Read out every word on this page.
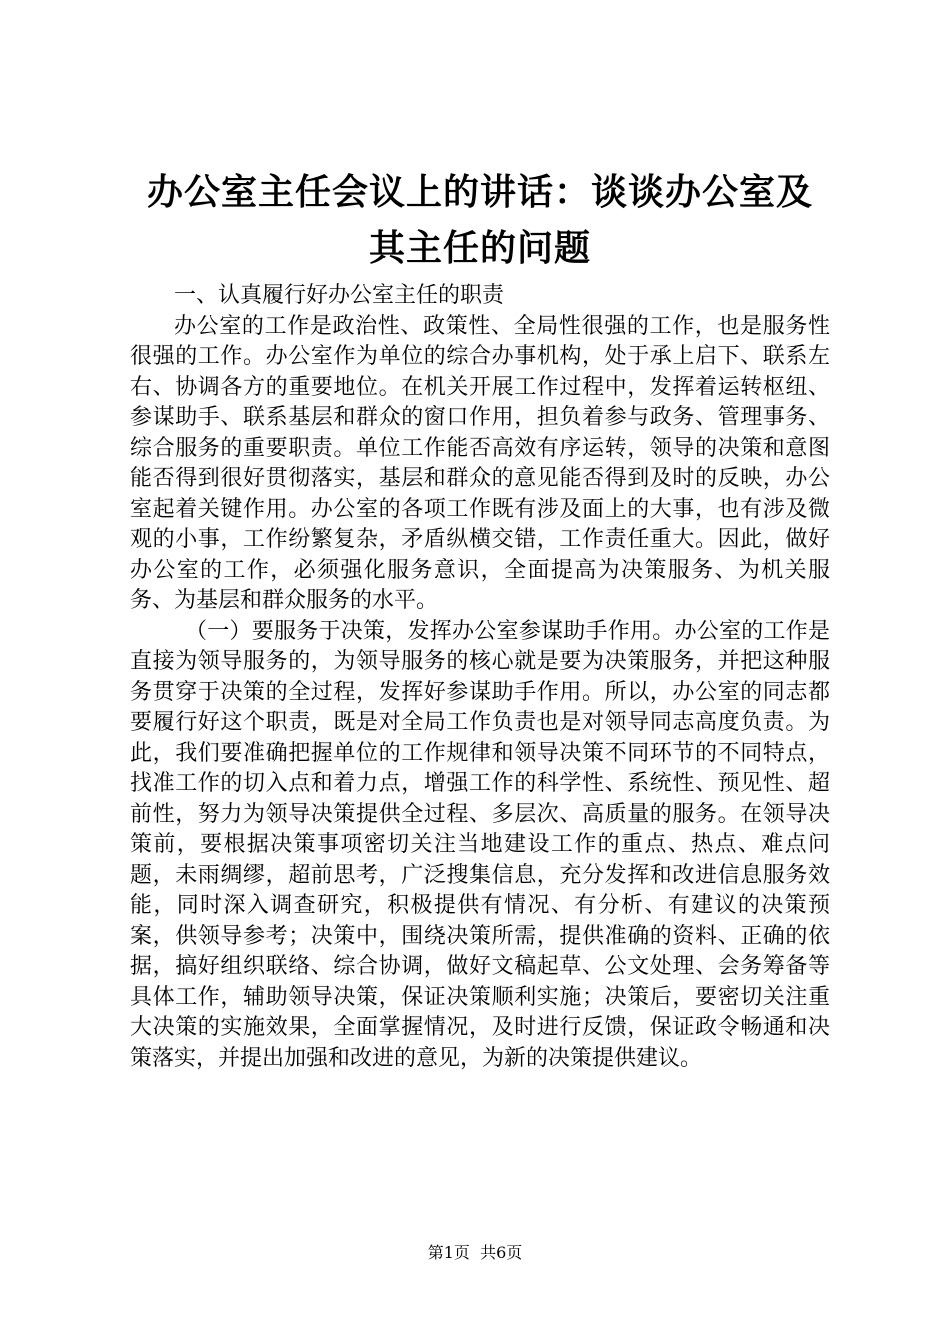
办公室主任会议上的讲话：谈谈办公室及其主任的问题

一、认真履行好办公室主任的职责

办公室的工作是政治性、政策性、全局性很强的工作，也是服务性很强的工作。办公室作为单位的综合办事机构，处于承上启下、联系左右、协调各方的重要地位。在机关开展工作过程中，发挥着运转枢纽、参谋助手、联系基层和群众的窗口作用，担负着参与政务、管理事务、综合服务的重要职责。单位工作能否高效有序运转，领导的决策和意图能否得到很好贯彻落实，基层和群众的意见能否得到及时的反映，办公室起着关键作用。办公室的各项工作既有涉及面上的大事，也有涉及微观的小事，工作纷繁复杂，矛盾纵横交错，工作责任重大。因此，做好办公室的工作，必须强化服务意识，全面提高为决策服务、为机关服务、为基层和群众服务的水平。

（一）要服务于决策，发挥办公室参谋助手作用。办公室的工作是直接为领导服务的，为领导服务的核心就是要为决策服务，并把这种服务贯穿于决策的全过程，发挥好参谋助手作用。所以，办公室的同志都要履行好这个职责，既是对全局工作负责也是对领导同志高度负责。为此，我们要准确把握单位的工作规律和领导决策不同环节的不同特点，找准工作的切入点和着力点，增强工作的科学性、系统性、预见性、超前性，努力为领导决策提供全过程、多层次、高质量的服务。在领导决策前，要根据决策事项密切关注当地建设工作的重点、热点、难点问题，未雨绸缪，超前思考，广泛搜集信息，充分发挥和改进信息服务效能，同时深入调查研究，积极提供有情况、有分析、有建议的决策预案，供领导参考；决策中，围绕决策所需，提供准确的资料、正确的依据，搞好组织联络、综合协调，做好文稿起草、公文处理、会务筹备等具体工作，辅助领导决策，保证决策顺利实施；决策后，要密切关注重大决策的实施效果，全面掌握情况，及时进行反馈，保证政令畅通和决策落实，并提出加强和改进的意见，为新的决策提供建议。

第1页  共6页
